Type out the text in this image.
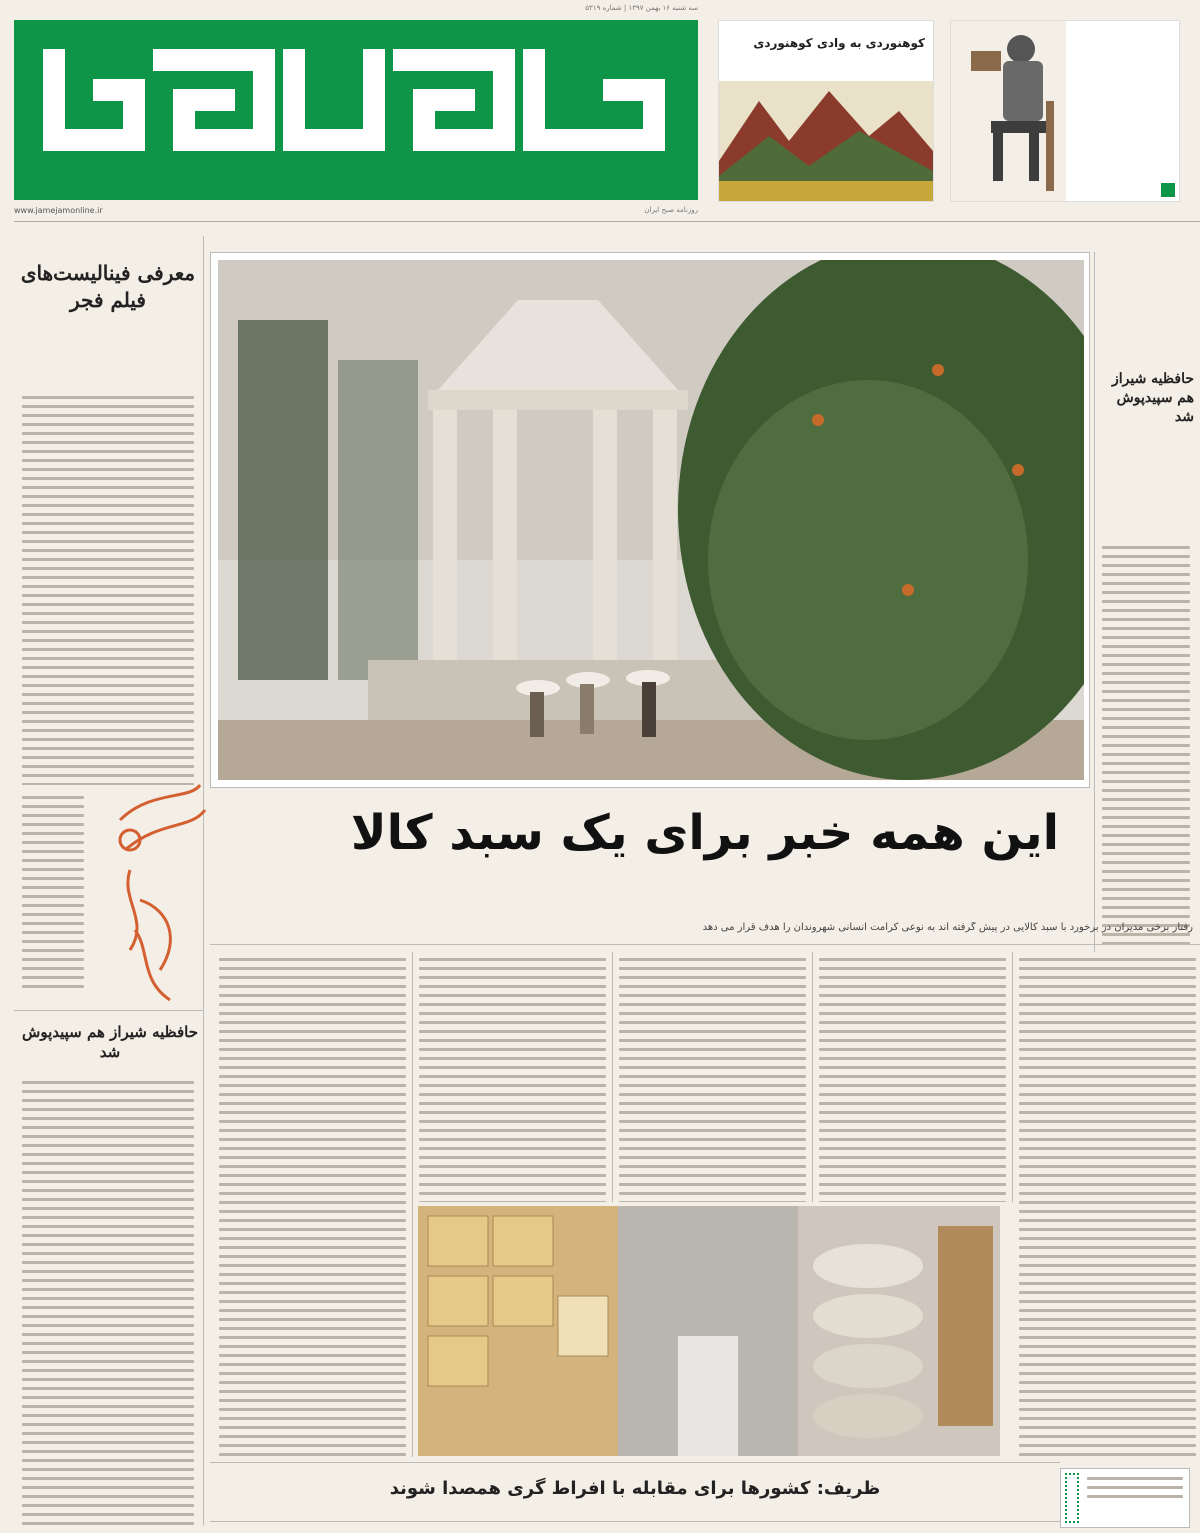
سه شنبه ۱۶ بهمن ۱۳۹۷ | شماره ۵۳۱۹
www.jamejamonline.ir	روزنامه صبح ایران
کوهنوردی به وادی کوهنوردی
معرفی فینالیست‌های فیلم فجر
حافظیه شیراز هم سپیدپوش شد
حافظیه شیراز هم سپیدپوش شد
این همه خبر برای یک سبد کالا
رفتار برخی مدیران در برخورد با سبد کالایی در پیش گرفته اند به نوعی کرامت انسانی شهروندان را هدف قرار می دهد
ظریف: کشورها برای مقابله با افراط گری همصدا شوند
